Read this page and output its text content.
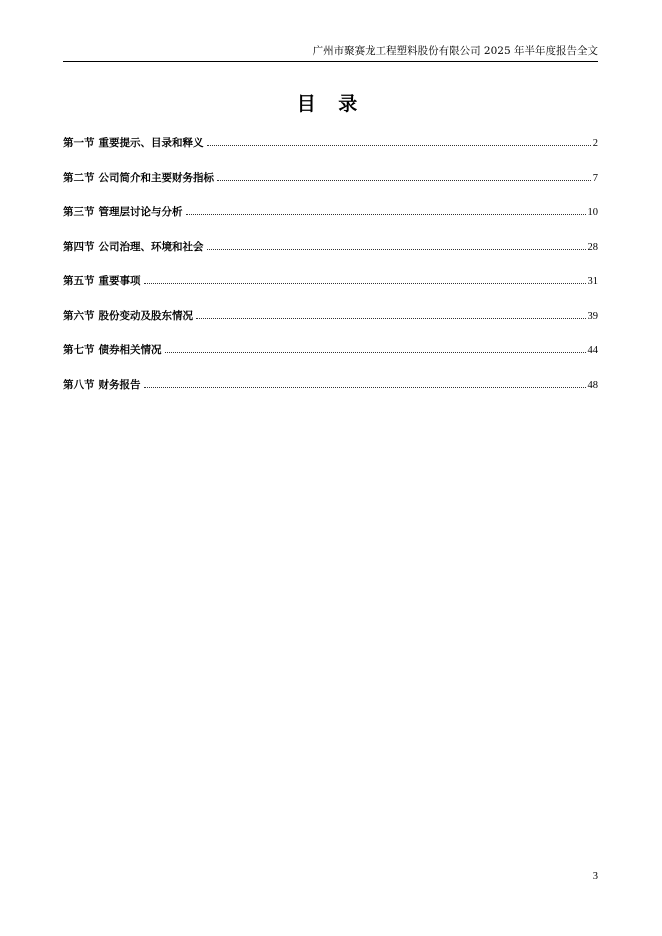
广州市聚赛龙工程塑料股份有限公司 2025 年半年度报告全文
目 录
第一节 重要提示、目录和释义	2
第二节 公司简介和主要财务指标	7
第三节 管理层讨论与分析	10
第四节 公司治理、环境和社会	28
第五节 重要事项	31
第六节 股份变动及股东情况	39
第七节 债券相关情况	44
第八节 财务报告	48
3
